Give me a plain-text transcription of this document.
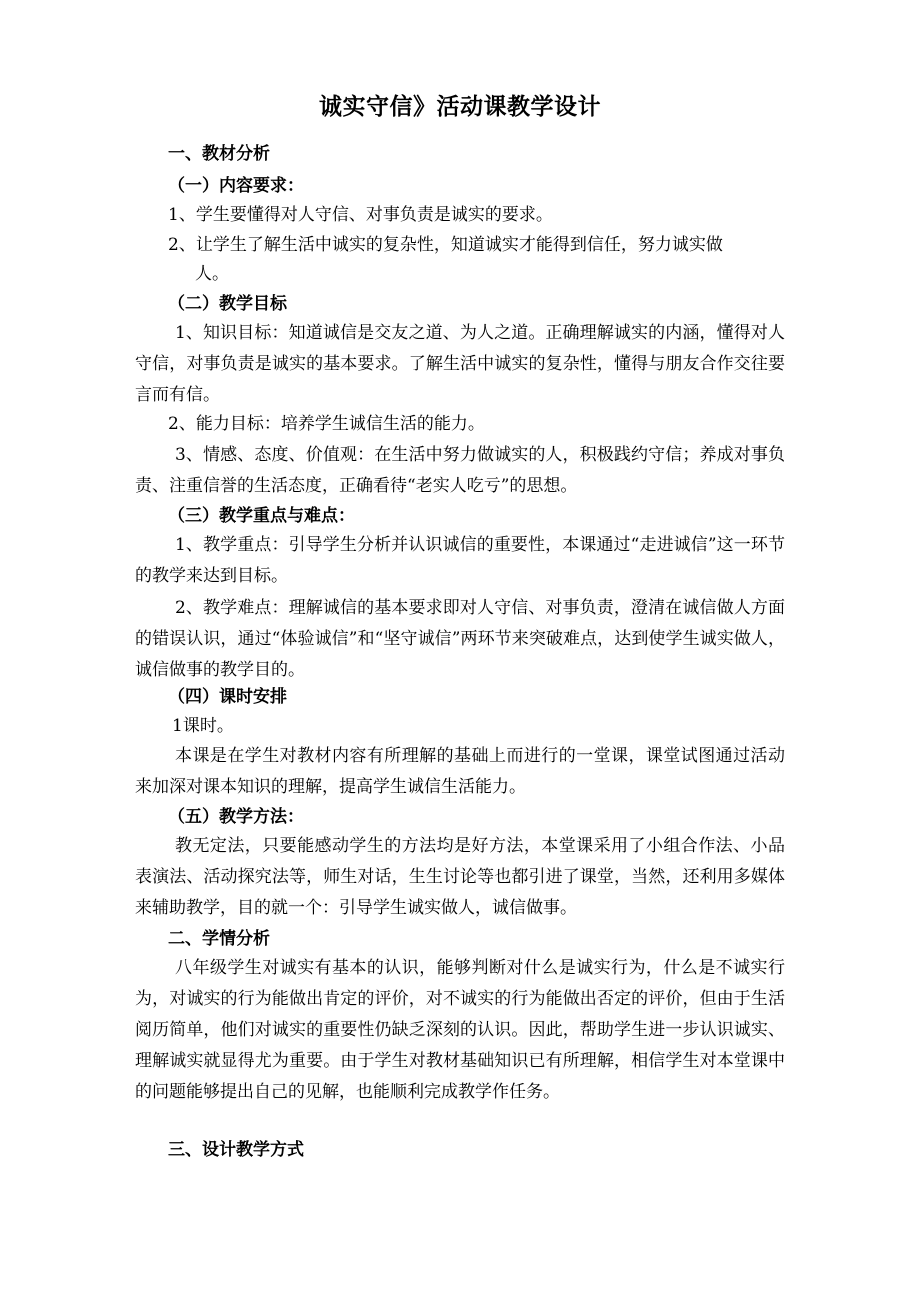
诚实守信》活动课教学设计
一、教材分析
（一）内容要求：
1、学生要懂得对人守信、对事负责是诚实的要求。
2、让学生了解生活中诚实的复杂性，知道诚实才能得到信任，努力诚实做
人。
（二）教学目标
1、知识目标：知道诚信是交友之道、为人之道。正确理解诚实的内涵，懂得对人守信，对事负责是诚实的基本要求。了解生活中诚实的复杂性，懂得与朋友合作交往要言而有信。
2、能力目标：培养学生诚信生活的能力。
3、情感、态度、价值观：在生活中努力做诚实的人，积极践约守信；养成对事负责、注重信誉的生活态度，正确看待“老实人吃亏”的思想。
（三）教学重点与难点：
1、教学重点：引导学生分析并认识诚信的重要性，本课通过“走进诚信”这一环节的教学来达到目标。
2、教学难点：理解诚信的基本要求即对人守信、对事负责，澄清在诚信做人方面的错误认识，通过“体验诚信”和“坚守诚信”两环节来突破难点，达到使学生诚实做人，诚信做事的教学目的。
（四）课时安排
1课时。
本课是在学生对教材内容有所理解的基础上而进行的一堂课，课堂试图通过活动来加深对课本知识的理解，提高学生诚信生活能力。
（五）教学方法：
教无定法，只要能感动学生的方法均是好方法，本堂课采用了小组合作法、小品表演法、活动探究法等，师生对话，生生讨论等也都引进了课堂，当然，还利用多媒体来辅助教学，目的就一个：引导学生诚实做人，诚信做事。
二、学情分析
八年级学生对诚实有基本的认识，能够判断对什么是诚实行为，什么是不诚实行为，对诚实的行为能做出肯定的评价，对不诚实的行为能做出否定的评价，但由于生活阅历简单，他们对诚实的重要性仍缺乏深刻的认识。因此，帮助学生进一步认识诚实、理解诚实就显得尤为重要。由于学生对教材基础知识已有所理解，相信学生对本堂课中的问题能够提出自己的见解，也能顺利完成教学作任务。
三、设计教学方式
